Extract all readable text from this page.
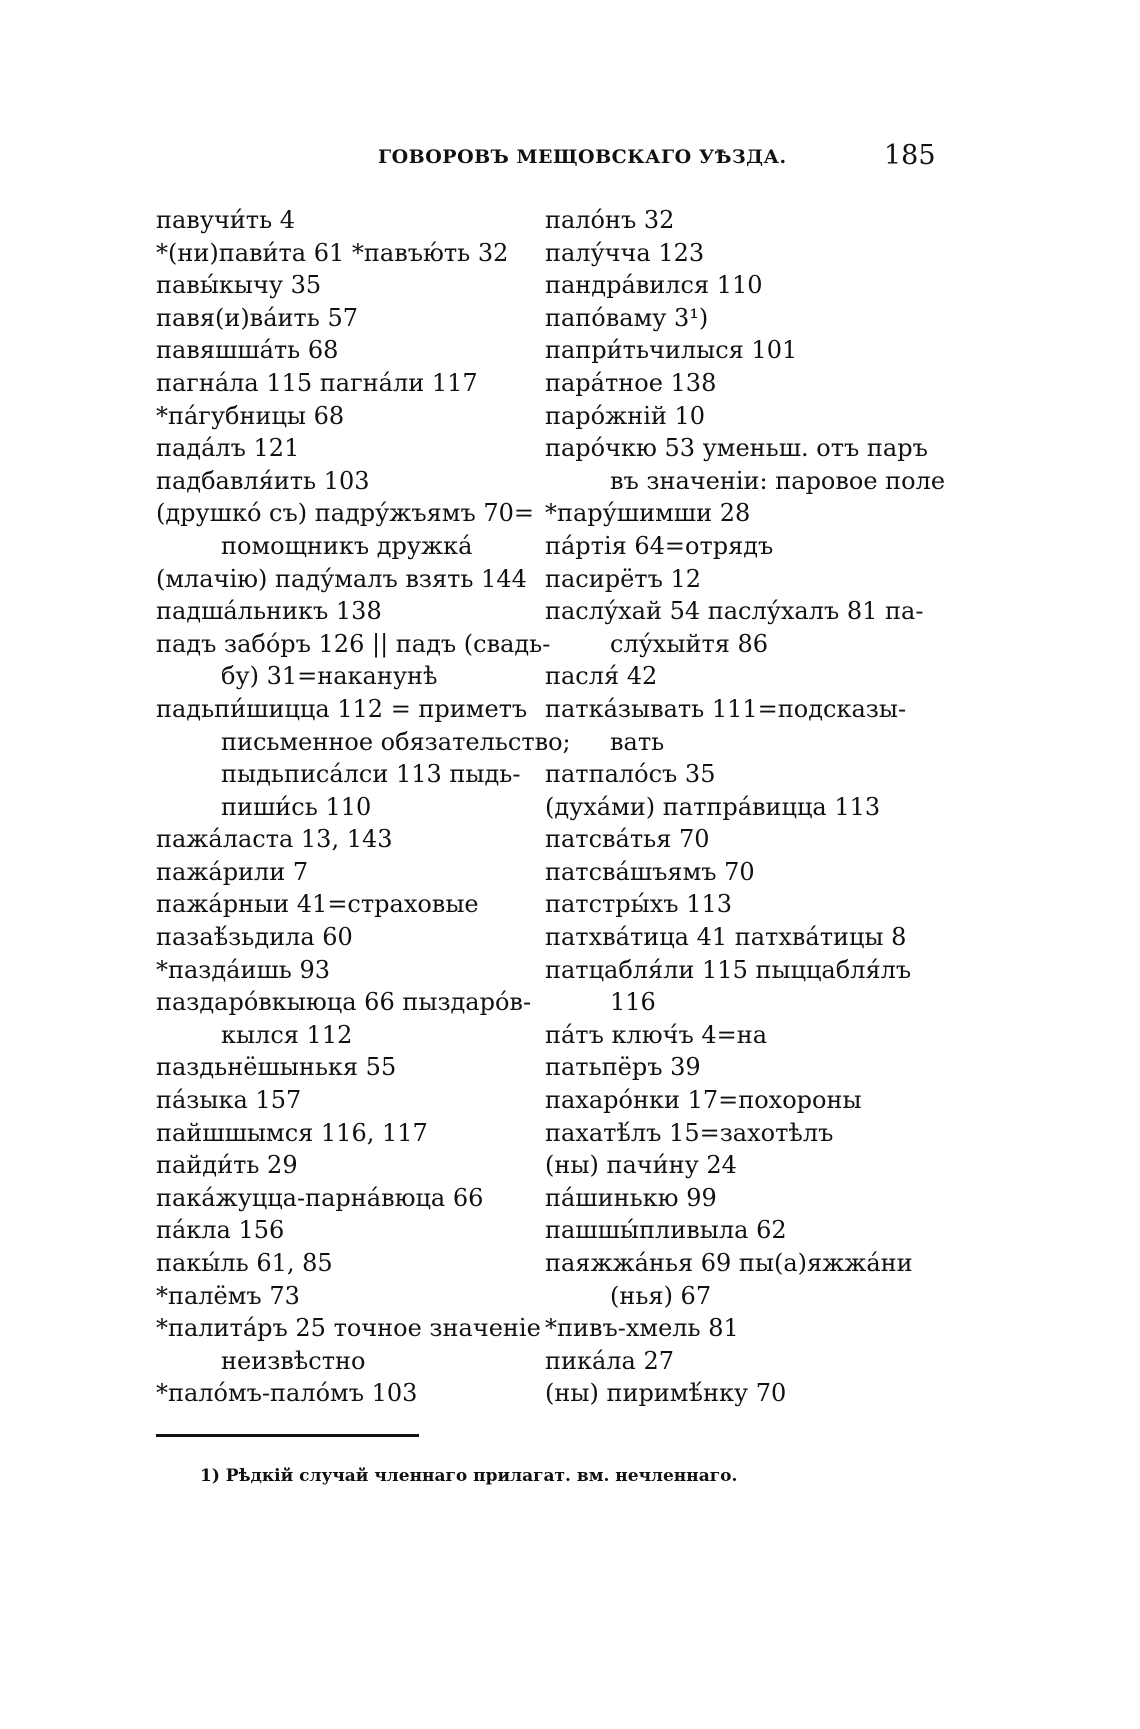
ГОВОРОВЪ МЕЩОВСКАГО УѢЗДА.	185
павучи́ть 4
*(ни)пави́та 61 *павъю́ть 32
павы́кычу 35
павя(и)ва́ить 57
павяшша́ть 68
пагна́ла 115 пагна́ли 117
*па́губницы 68
пада́лъ 121
падбавля́ить 103
(друшко́ съ) падру́жъямъ 70=
помощникъ дружка́
(млачію) паду́малъ взять 144
падша́льникъ 138
падъ забо́ръ 126 || падъ (свадь-
бу) 31=наканунѣ
падьпи́шицца 112 = приметъ
письменное обязательство;
пыдьписа́лси 113 пыдь-
пиши́сь 110
пажа́ласта 13, 143
пажа́рили 7
пажа́рныи 41=страховые
пазаѣ́зьдила 60
*пазда́ишь 93
паздаро́вкыюца 66 пыздаро́в-
кылся 112
паздьнёшынькя 55
па́зыка 157
пайшшымся 116, 117
пайди́ть 29
пака́жуцца-парна́вюца 66
па́кла 156
пакы́ль 61, 85
*палёмъ 73
*палита́ръ 25 точное значеніе
неизвѣстно
*пало́мъ-пало́мъ 103
пало́нъ 32
палу́чча 123
пандра́вился 110
папо́ваму 3¹)
папри́тьчилыся 101
пара́тное 138
паро́жній 10
паро́чкю 53 уменьш. отъ паръ
въ значеніи: паровое поле
*пару́шимши 28
па́ртія 64=отрядъ
пасирётъ 12
паслу́хай 54 паслу́халъ 81 па-
слу́хыйтя 86
пасля́ 42
патка́зывать 111=подсказы-
вать
патпало́съ 35
(духа́ми) патпра́вицца 113
патсва́тья 70
патсва́шъямъ 70
патстры́хъ 113
патхва́тица 41 патхва́тицы 8
патцабля́ли 115 пыццабля́лъ
116
па́тъ ключ́ъ 4=на
патьпёръ 39
пахаро́нки 17=похороны
пахатѣ́лъ 15=захотѣлъ
(ны) пачи́ну 24
па́шинькю 99
пашшы́пливыла 62
паяжжа́нья 69 пы(а)яжжа́ни
(нья) 67
*пивъ-хмель 81
пика́ла 27
(ны) пиримѣ́нку 70
1) Рѣдкій случай членнаго прилагат. вм. нечленнаго.
